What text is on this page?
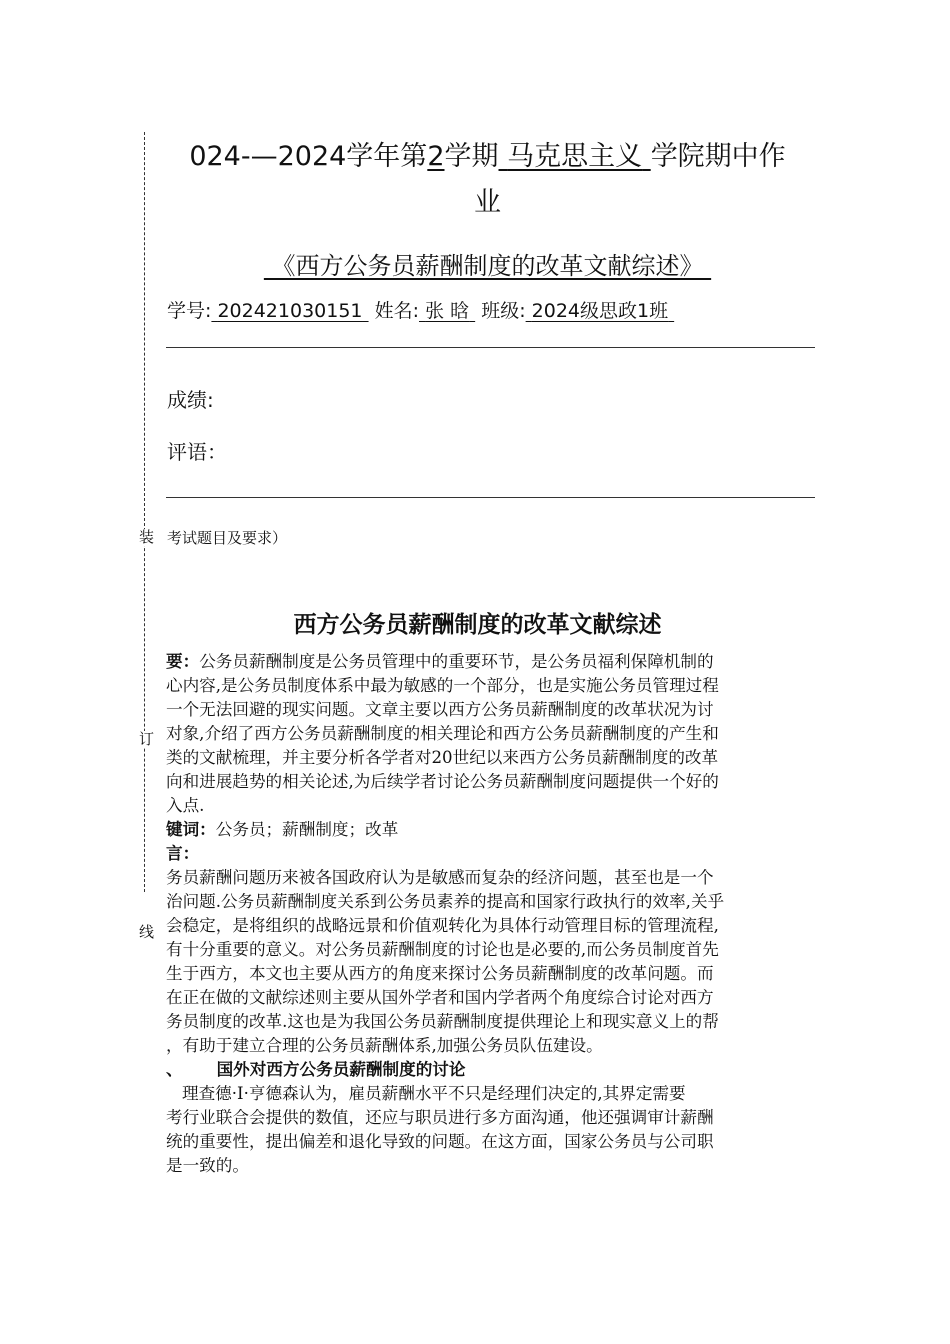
装
订
线
024-—2024学年第2学期 马克思主义 学院期中作
业
《西方公务员薪酬制度的改革文献综述》
学号: 202421030151 姓名: 张 晗 班级: 2024级思政1班
成绩:
评语：
考试题目及要求）
西方公务员薪酬制度的改革文献综述

要：公务员薪酬制度是公务员管理中的重要环节，是公务员福利保障机制的

心内容,是公务员制度体系中最为敏感的一个部分，也是实施公务员管理过程

一个无法回避的现实问题。文章主要以西方公务员薪酬制度的改革状况为讨

对象,介绍了西方公务员薪酬制度的相关理论和西方公务员薪酬制度的产生和

类的文献梳理，并主要分析各学者对20世纪以来西方公务员薪酬制度的改革

向和进展趋势的相关论述,为后续学者讨论公务员薪酬制度问题提供一个好的

入点.

键词：公务员；薪酬制度；改革

言：

务员薪酬问题历来被各国政府认为是敏感而复杂的经济问题，甚至也是一个

治问题.公务员薪酬制度关系到公务员素养的提高和国家行政执行的效率,关乎

会稳定，是将组织的战略远景和价值观转化为具体行动管理目标的管理流程,

有十分重要的意义。对公务员薪酬制度的讨论也是必要的,而公务员制度首先

生于西方，本文也主要从西方的角度来探讨公务员薪酬制度的改革问题。而

在正在做的文献综述则主要从国外学者和国内学者两个角度综合讨论对西方

务员制度的改革.这也是为我国公务员薪酬制度提供理论上和现实意义上的帮

，有助于建立合理的公务员薪酬体系,加强公务员队伍建设。

、 国外对西方公务员薪酬制度的讨论

理查德·I·亨德森认为，雇员薪酬水平不只是经理们决定的,其界定需要

考行业联合会提供的数值，还应与职员进行多方面沟通，他还强调审计薪酬

统的重要性，提出偏差和退化导致的问题。在这方面，国家公务员与公司职

是一致的。
